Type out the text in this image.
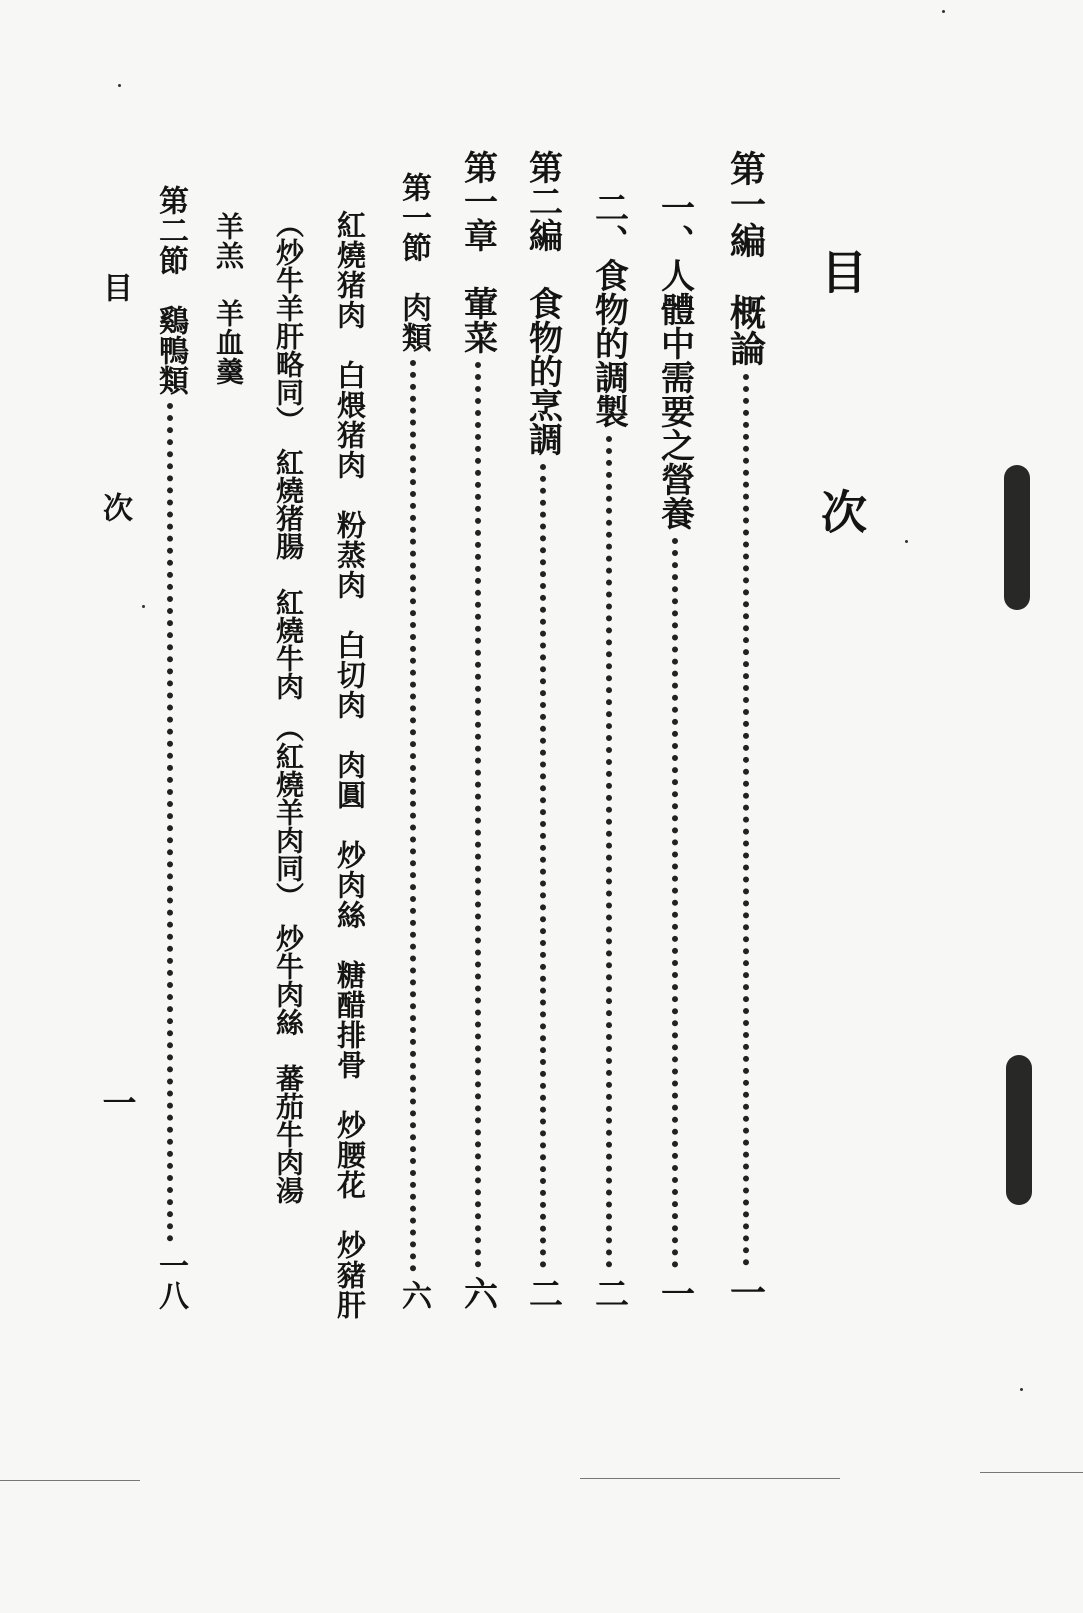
目 次
第一編　概論
一
一、人體中需要之營養
一
二、食物的調製
二
第二編　食物的烹調
二
第一章　葷菜
六
第一節　肉類
六
紅燒猪肉　白煨猪肉　粉蒸肉　白切肉　肉圓　炒肉絲　糖醋排骨　炒腰花　炒豬肝
（炒牛羊肝略同）　紅燒猪腸　紅燒牛肉　（紅燒羊肉同）　炒牛肉絲　蕃茄牛肉湯
羊羔　羊血羹
第二節　鷄鴨類
一八
目　次
一
